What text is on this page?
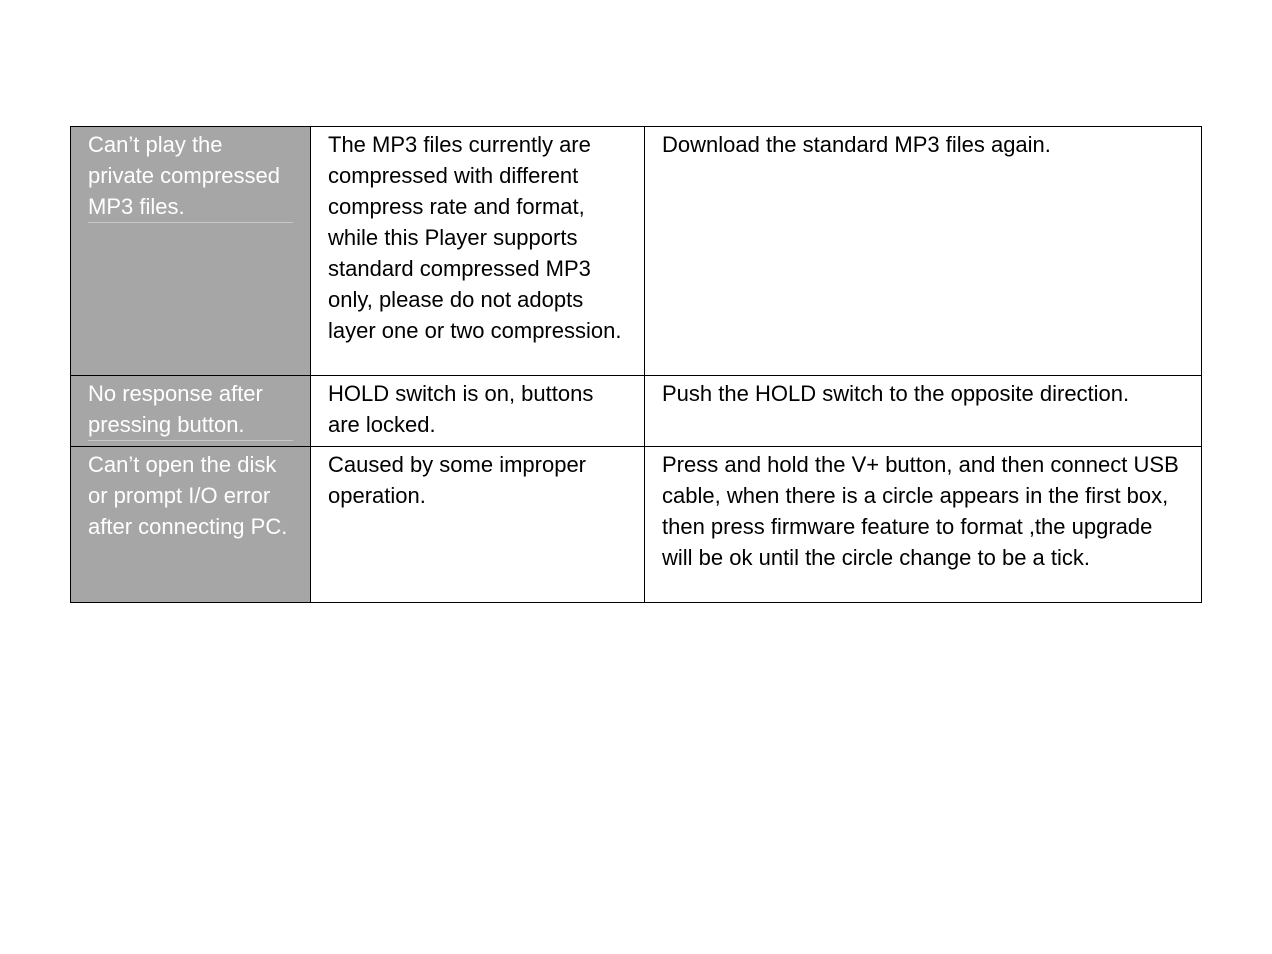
Can’t play the private compressed MP3 files.	The MP3 files currently are compressed with different compress rate and format, while this Player supports standard compressed MP3 only, please do not adopts layer one or two compression.	Download the standard MP3 files again.
No response after pressing button.	HOLD switch is on, buttons are locked.	Push the HOLD switch to the opposite direction.
Can’t open the disk or prompt I/O error after connecting PC.	Caused by some improper operation.	Press and hold the V+ button, and then connect USB cable, when there is a circle appears in the first box, then press firmware feature to format ,the upgrade will be ok until the circle change to be a tick.
